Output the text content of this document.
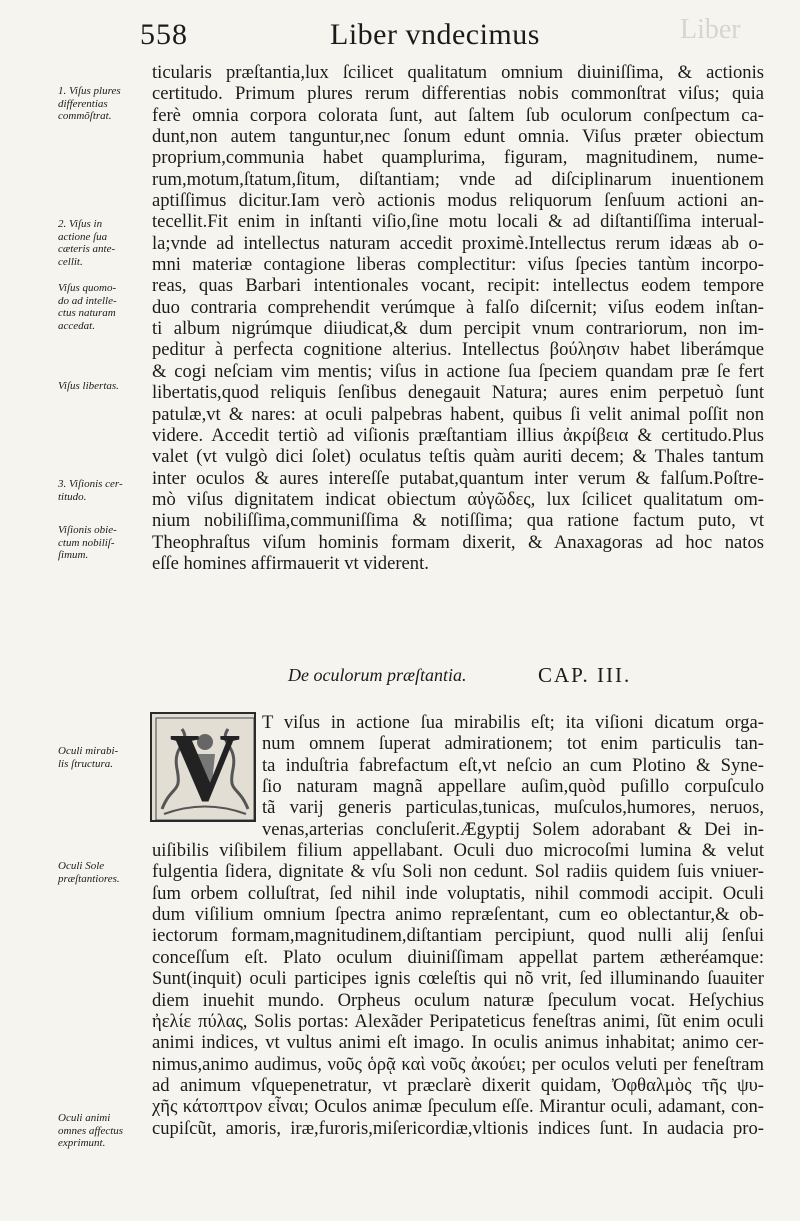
558	Liber vndecimus	Liber
1. Viſus plures
differentias
commõſtrat.
2. Viſus in
actione ſua
cæteris ante-
cellit.
Viſus quomo-
do ad intelle-
ctus naturam
accedat.
Viſus libertas.
3. Viſionis cer-
titudo.
Viſionis obie-
ctum nobiliſ-
ſimum.
Oculi mirabi-
lis ſtructura.
Oculi Sole
præſtantiores.
Oculi animi
omnes affectus
exprimunt.
ticularis præſtantia,lux ſcilicet qualitatum omnium diuiniſſima, & actionis
certitudo. Primum plures rerum differentias nobis commonſtrat viſus; quia
ferè omnia corpora colorata ſunt, aut ſaltem ſub oculorum conſpectum ca-
dunt,non autem tanguntur,nec ſonum edunt omnia. Viſus præter obiectum
proprium,communia habet quamplurima, figuram, magnitudinem, nume-
rum,motum,ſtatum,ſitum, diſtantiam; vnde ad diſciplinarum inuentionem
aptiſſimus dicitur.Iam verò actionis modus reliquorum ſenſuum actioni an-
tecellit.Fit enim in inſtanti viſio,ſine motu locali & ad diſtantiſſima interual-
la;vnde ad intellectus naturam accedit proximè.Intellectus rerum idæas ab o-
mni materiæ contagione liberas complectitur: viſus ſpecies tantùm incorpo-
reas, quas Barbari intentionales vocant, recipit: intellectus eodem tempore
duo contraria comprehendit verúmque à falſo diſcernit; viſus eodem inſtan-
ti album nigrúmque diiudicat,& dum percipit vnum contrariorum, non im-
peditur à perfecta cognitione alterius. Intellectus βούλησιν habet liberámque
& cogi neſciam vim mentis; viſus in actione ſua ſpeciem quandam præ ſe fert
libertatis,quod reliquis ſenſibus denegauit Natura; aures enim perpetuò ſunt
patulæ,vt & nares: at oculi palpebras habent, quibus ſi velit animal poſſit non
videre. Accedit tertiò ad viſionis præſtantiam illius ἀκρίβεια & certitudo.Plus
valet (vt vulgò dici ſolet) oculatus teſtis quàm auriti decem; & Thales tantum
inter oculos & aures intereſſe putabat,quantum inter verum & falſum.Poſtre-
mò viſus dignitatem indicat obiectum αὐγῶδες, lux ſcilicet qualitatum om-
nium nobiliſſima,communiſſima & notiſſima; qua ratione factum puto, vt
Theophraſtus viſum hominis formam dixerit, & Anaxagoras ad hoc natos
eſſe homines affirmauerit vt viderent.
De oculorum præſtantia.	CAP. III.
V	T viſus in actione ſua mirabilis eſt; ita viſioni dicatum orga-
num omnem ſuperat admirationem; tot enim particulis tan-
ta induſtria fabrefactum eſt,vt neſcio an cum Plotino & Syne-
ſio naturam magnã appellare auſim,quòd puſillo corpuſculo
tã varij generis particulas,tunicas, muſculos,humores, neruos,
venas,arterias concluſerit.Ægyptij Solem adorabant & Dei in-
uiſibilis viſibilem filium appellabant. Oculi duo microcoſmi lumina & velut
fulgentia ſidera, dignitate & vſu Soli non cedunt. Sol radiis quidem ſuis vniuer-
ſum orbem colluſtrat, ſed nihil inde voluptatis, nihil commodi accipit. Oculi
dum viſilium omnium ſpectra animo repræſentant, cum eo oblectantur,& ob-
iectorum formam,magnitudinem,diſtantiam percipiunt, quod nulli alij ſenſui
conceſſum eſt. Plato oculum diuiniſſimam appellat partem ætheréamque:
Sunt(inquit) oculi participes ignis cœleſtis qui nõ vrit, ſed illuminando ſuauiter
diem inuehit mundo. Orpheus oculum naturæ ſpeculum vocat. Heſychius
ἠελίε πύλας, Solis portas: Alexãder Peripateticus feneſtras animi, ſũt enim oculi
animi indices, vt vultus animi eſt imago. In oculis animus inhabitat; animo cer-
nimus,animo audimus, νοῦς ὁρᾷ καὶ νοῦς ἀκούει; per oculos veluti per feneſtram
ad animum vſquepenetratur, vt præclarè dixerit quidam, Ὀφθαλμὸς τῆς ψυ-
χῆς κάτοπτρον εἶναι; Oculos animæ ſpeculum eſſe. Mirantur oculi, adamant, con-
cupiſcũt, amoris, iræ,furoris,miſericordiæ,vltionis indices ſunt. In audacia pro-
